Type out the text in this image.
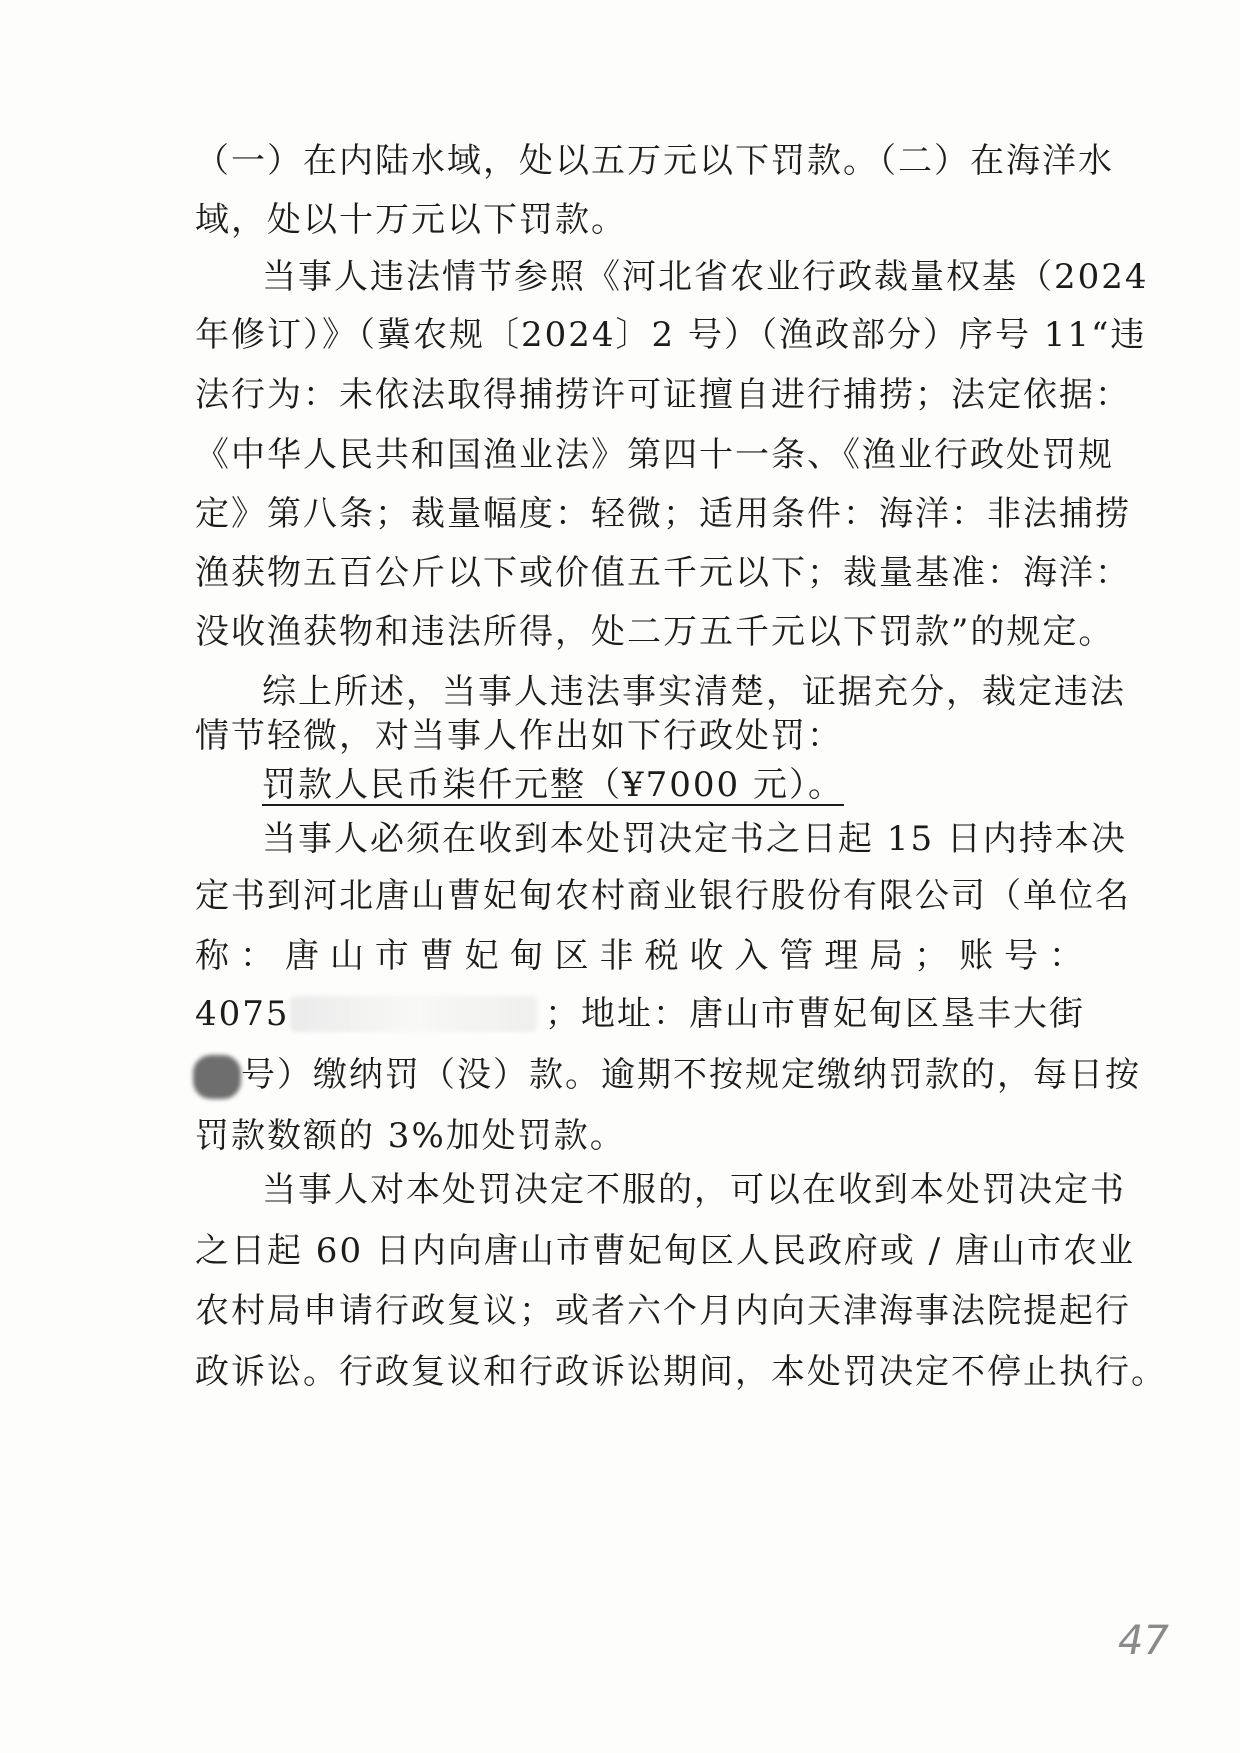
（一）在内陆水域，处以五万元以下罚款。（二）在海洋水
域，处以十万元以下罚款。
当事人违法情节参照《河北省农业行政裁量权基（2024
年修订）》（冀农规〔2024〕2 号）（渔政部分）序号 11“违
法行为：未依法取得捕捞许可证擅自进行捕捞；法定依据：
《中华人民共和国渔业法》第四十一条、《渔业行政处罚规
定》第八条；裁量幅度：轻微；适用条件：海洋：非法捕捞
渔获物五百公斤以下或价值五千元以下；裁量基准：海洋：
没收渔获物和违法所得，处二万五千元以下罚款”的规定。
综上所述，当事人违法事实清楚，证据充分，裁定违法
情节轻微，对当事人作出如下行政处罚：
罚款人民币柒仟元整（¥7000 元）。
当事人必须在收到本处罚决定书之日起 15 日内持本决
定书到河北唐山曹妃甸农村商业银行股份有限公司（单位名
称：唐山市曹妃甸区非税收入管理局；账号：
4075	；地址：唐山市曹妃甸区垦丰大街
号）缴纳罚（没）款。逾期不按规定缴纳罚款的，每日按
罚款数额的 3%加处罚款。
当事人对本处罚决定不服的，可以在收到本处罚决定书
之日起 60 日内向唐山市曹妃甸区人民政府或 / 唐山市农业
农村局申请行政复议；或者六个月内向天津海事法院提起行
政诉讼。行政复议和行政诉讼期间，本处罚决定不停止执行。
47
